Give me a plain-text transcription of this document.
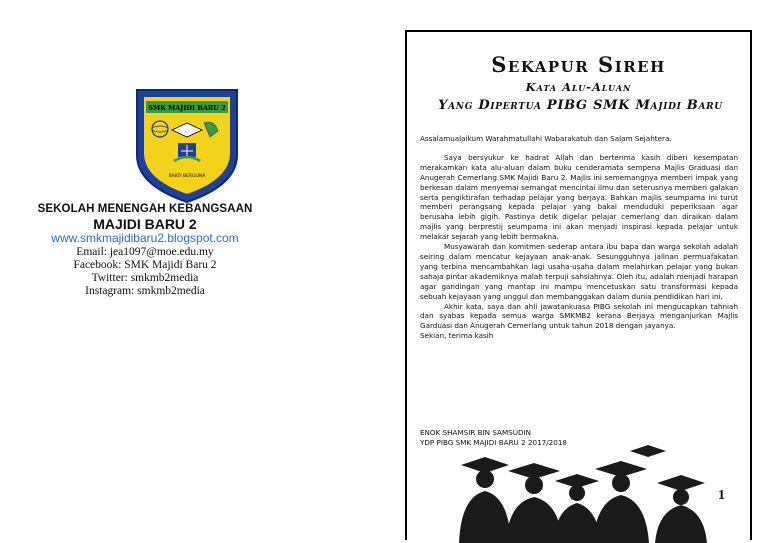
SMK MAJIDI BARU 2
BAKTI BERGUNA
SEKOLAH MENENGAH KEBANGSAAN
MAJIDI BARU 2
www.smkmajidibaru2.blogspot.com
Email: jea1097@moe.edu.my
Facebook: SMK Majidi Baru 2
Twitter: smkmb2media
Instagram: smkmb2media
Sekapur Sireh
Kata Alu-Aluan
Yang Dipertua PIBG SMK Majidi Baru

Assalamualaikum Warahmatullahi Wabarakatuh dan Salam Sejahtera.

Saya bersyukur ke hadrat Allah dan berterima kasih diberi kesempatan merakamkan kata alu-aluan dalam buku cenderamata sempena Majlis Graduasi dan Anugerah Cemerlang SMK Majidi Baru 2. Majlis ini sememangnya memberi impak yang berkesan dalam menyemai semangat mencintai ilmu dan seterusnya memberi galakan serta pengiktirafan terhadap pelajar yang berjaya. Bahkan majlis seumpama ini turut memberi perangsang kepada pelajar yang bakal menduduki peperiksaan agar berusaha lebih gigih. Pastinya detik digelar pelajar cemerlang dan diraikan dalam majlis yang berprestij seumpama ini akan menjadi inspirasi kepada pelajar untuk melakar sejarah yang lebih bermakna.

Musyawarah dan komitmen sederap antara ibu bapa dan warga sekolah adalah seiring dalam mencatur kejayaan anak-anak. Sesungguhnya jalinan permuafakatan yang terbina mencambahkan lagi usaha-usaha dalam melahirkan pelajar yang bukan sahaja pintar akademiknya malah terpuji sahsiahnya. Oleh itu, adalah menjadi harapan agar gandingan yang mantap ini mampu mencetuskan satu transformasi kepada sebuah kejayaan yang unggul dan membanggakan dalam dunia pendidikan hari ini.

Akhir kata, saya dan ahli jawatankuasa PIBG sekolah ini mengucapkan tahniah dan syabas kepada semua warga SMKMB2 kerana Berjaya menganjurkan Majlis Garduasi dan Anugerah Cemerlang untuk tahun 2018 dengan jayanya.

Sekian, terima kasih

ENOK SHAMSIR BIN SAMSUDIN
YDP PIBG SMK MAJIDI BARU 2 2017/2018
1
